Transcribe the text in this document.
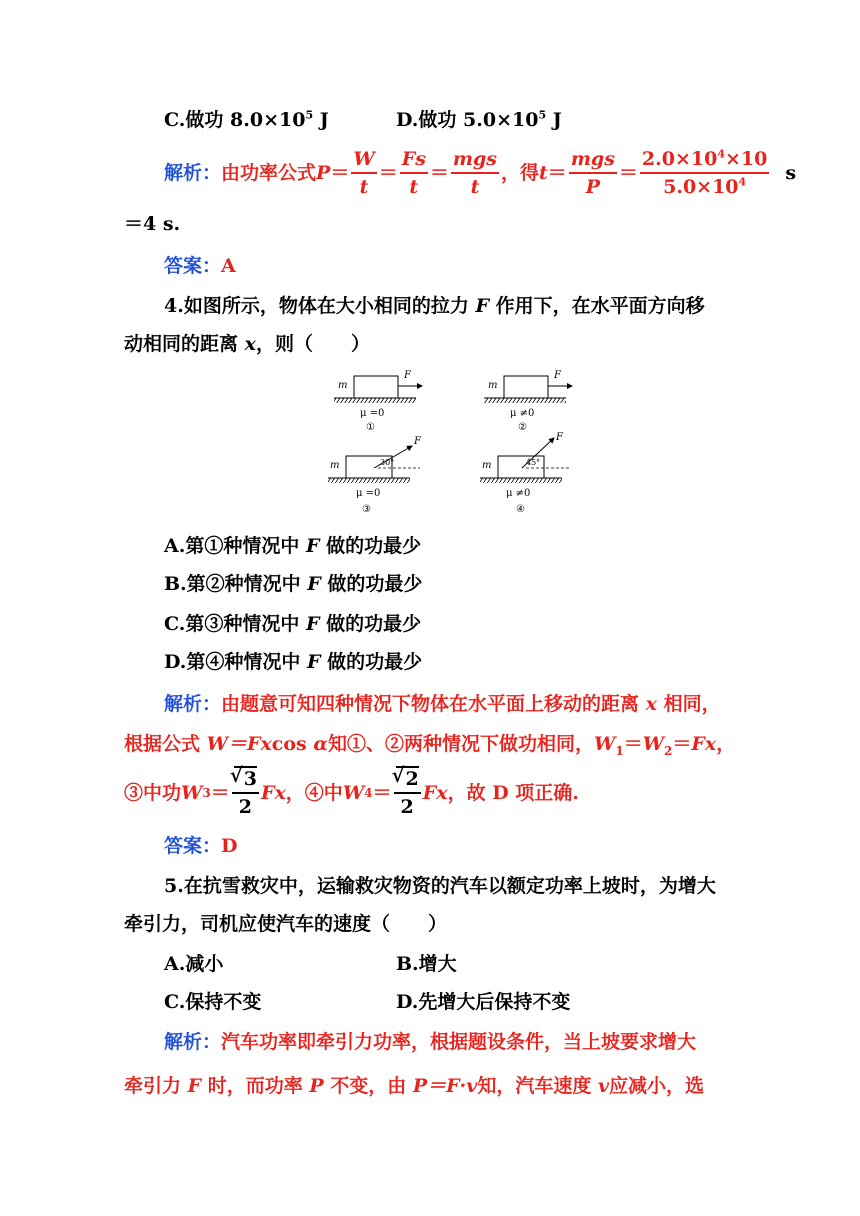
C.做功 $8.0\times 10^5$ J	D.做功 $5.0\times 10^5$ J
解析： 由功率公式 $P = \frac{W}{t} = \frac{Fs}{t} = \frac{\text{mgs}}{t}$ ，得 $t = \frac{\text{mgs}}{P} = \frac{2.0\times 10^4\times 10}{5.0\times 10^4}$ s
＝4 s.
答案：A
4.如图所示，物体在大小相同的拉力 F 作用下，在水平面方向移
动相同的距离 x，则（　　）
m
F
μ =0
①
m
F
μ ≠0
②
m
F
30°
μ =0
③
m
F
45°
μ ≠0
④
A.第①种情况中 F 做的功最少
B.第②种情况中 F 做的功最少
C.第③种情况中 F 做的功最少
D.第④种情况中 F 做的功最少
解析：由题意可知四种情况下物体在水平面上移动的距离 x 相同，
根据公式 W＝Fxcos α知①、②两种情况下做功相同，$W_1=W_2=Fx$，
③中功 W 3 ＝ √ $\frac{3}{2}$ Fx ，④中 W 4 ＝ √ $\frac{2}{2}$ Fx ，故 D 项正确.
答案：D
5.在抗雪救灾中，运输救灾物资的汽车以额定功率上坡时，为增大
牵引力，司机应使汽车的速度（　　）
A.减小	B.增大
C.保持不变	D.先增大后保持不变
解析：汽车功率即牵引力功率，根据题设条件，当上坡要求增大
牵引力 F 时，而功率 P 不变，由 P＝F·v知，汽车速度 v应减小，选
